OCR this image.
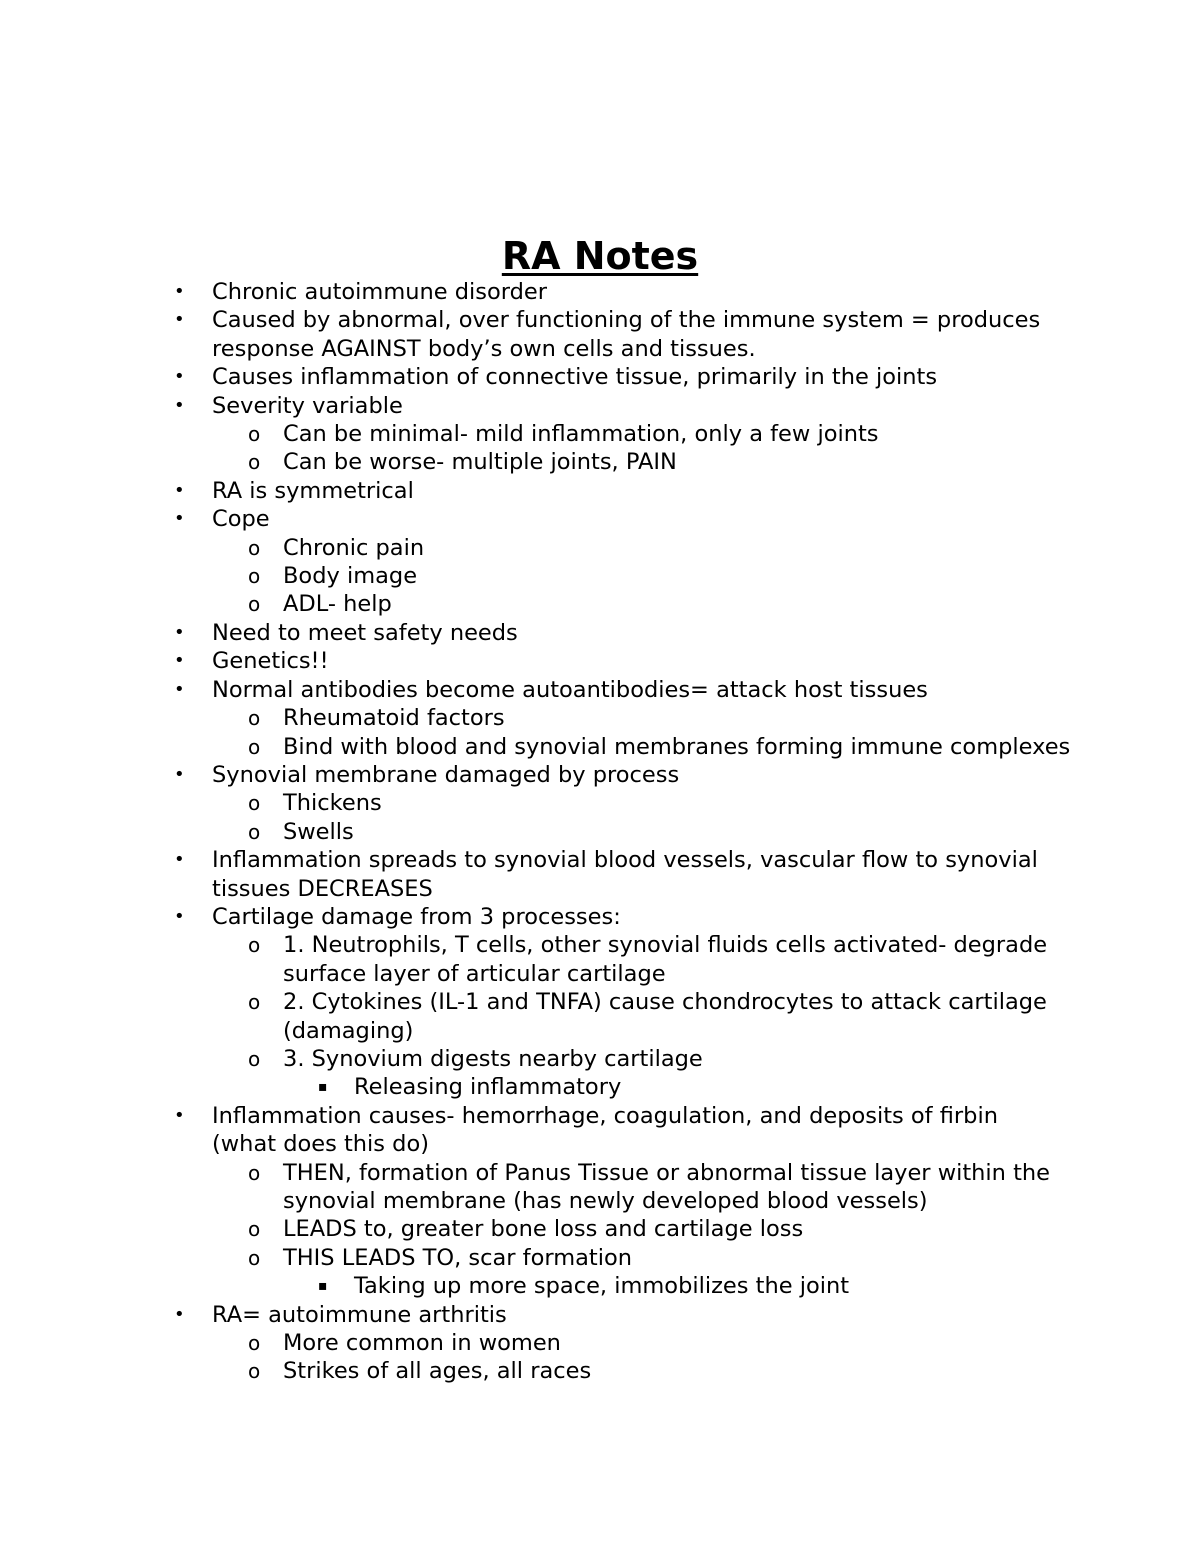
RA Notes
• Chronic autoimmune disorder
• Caused by abnormal, over functioning of the immune system = produces response AGAINST body’s own cells and tissues.
• Causes inflammation of connective tissue, primarily in the joints
• Severity variable
o Can be minimal- mild inflammation, only a few joints
o Can be worse- multiple joints, PAIN
• RA is symmetrical
• Cope
o Chronic pain
o Body image
o ADL- help
• Need to meet safety needs
• Genetics!!
• Normal antibodies become autoantibodies= attack host tissues
o Rheumatoid factors
o Bind with blood and synovial membranes forming immune complexes
• Synovial membrane damaged by process
o Thickens
o Swells
• Inflammation spreads to synovial blood vessels, vascular flow to synovial tissues DECREASES
• Cartilage damage from 3 processes:
o 1. Neutrophils, T cells, other synovial fluids cells activated- degrade surface layer of articular cartilage
o 2. Cytokines (IL-1 and TNFA) cause chondrocytes to attack cartilage (damaging)
o 3. Synovium digests nearby cartilage
▪ Releasing inflammatory
• Inflammation causes- hemorrhage, coagulation, and deposits of firbin (what does this do)
o THEN, formation of Panus Tissue or abnormal tissue layer within the synovial membrane (has newly developed blood vessels)
o LEADS to, greater bone loss and cartilage loss
o THIS LEADS TO, scar formation
▪ Taking up more space, immobilizes the joint
• RA= autoimmune arthritis
o More common in women
o Strikes of all ages, all races
